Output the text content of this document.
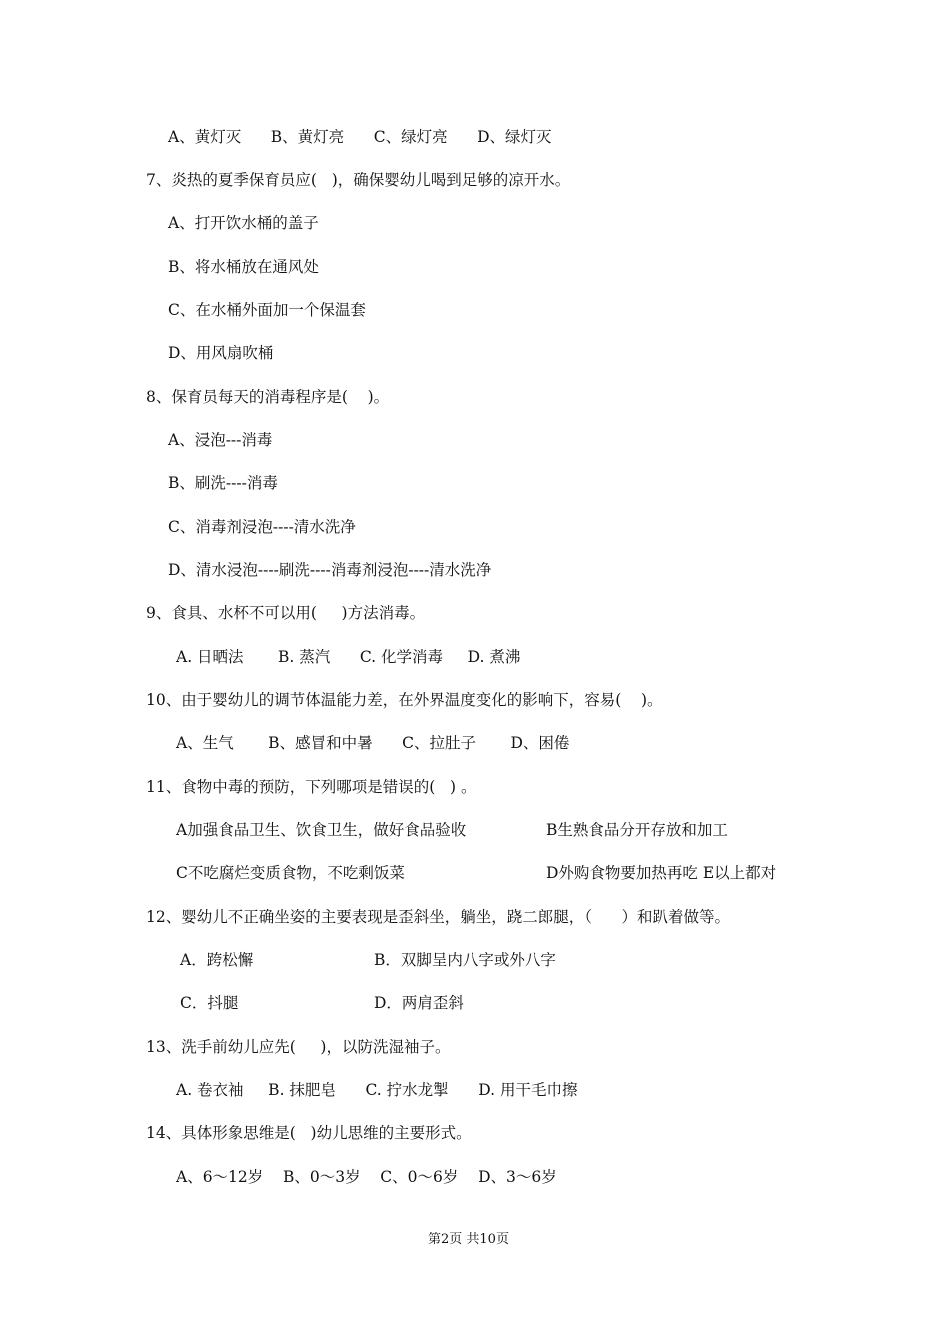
A、黄灯灭      B、黄灯亮      C、绿灯亮      D、绿灯灭
7、炎热的夏季保育员应(   )，确保婴幼儿喝到足够的凉开水。
A、打开饮水桶的盖子
B、将水桶放在通风处
C、在水桶外面加一个保温套
D、用风扇吹桶
8、保育员每天的消毒程序是(    )。
A、浸泡---消毒
B、刷洗----消毒
C、消毒剂浸泡----清水洗净
D、清水浸泡----刷洗----消毒剂浸泡----清水洗净
9、食具、水杯不可以用(     )方法消毒。
A. 日晒法       B. 蒸汽      C. 化学消毒     D. 煮沸
10、由于婴幼儿的调节体温能力差，在外界温度变化的影响下，容易(    )。
A、生气       B、感冒和中暑      C、拉肚子       D、困倦
11、食物中毒的预防，下列哪项是错误的(   ) 。
A加强食品卫生、饮食卫生，做好食品验收	B生熟食品分开存放和加工
C不吃腐烂变质食物，不吃剩饭菜	D外购食物要加热再吃 E以上都对
12、婴幼儿不正确坐姿的主要表现是歪斜坐，躺坐，跷二郎腿，（      ）和趴着做等。
A．跨松懈	B．双脚呈内八字或外八字
C．抖腿	D．两肩歪斜
13、洗手前幼儿应先(     )，以防洗湿袖子。
A. 卷衣袖     B. 抹肥皂      C. 拧水龙掣      D. 用干毛巾擦
14、具体形象思维是(   )幼儿思维的主要形式。
A、6～12岁    B、0～3岁    C、0～6岁    D、3～6岁
第2页 共10页
